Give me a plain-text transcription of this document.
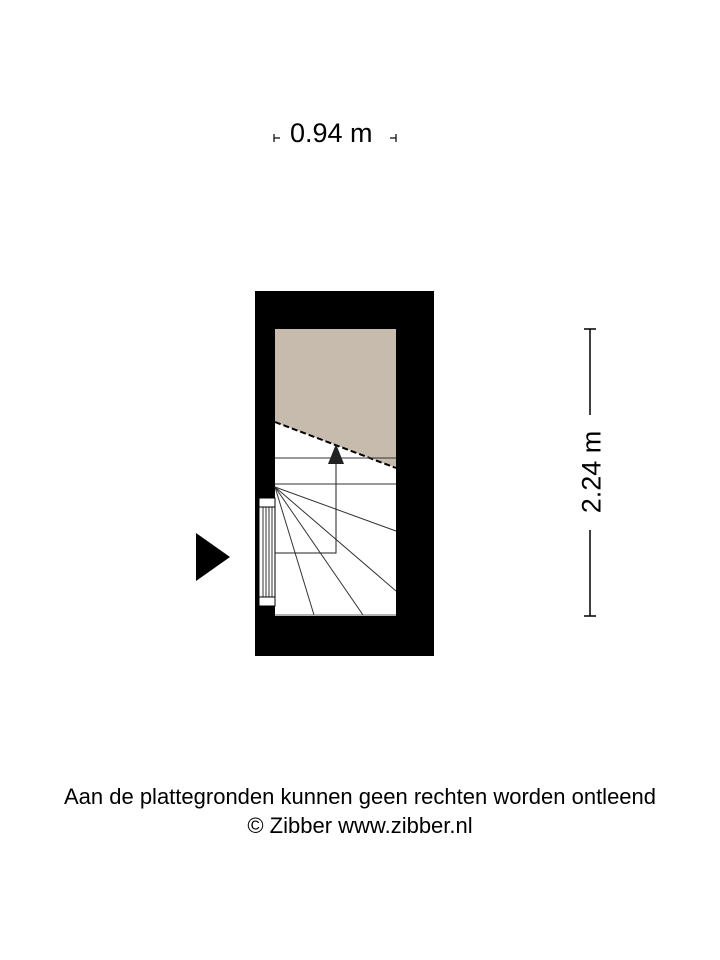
0.94 m
2.24 m
Aan de plattegronden kunnen geen rechten worden ontleend
© Zibber www.zibber.nl
